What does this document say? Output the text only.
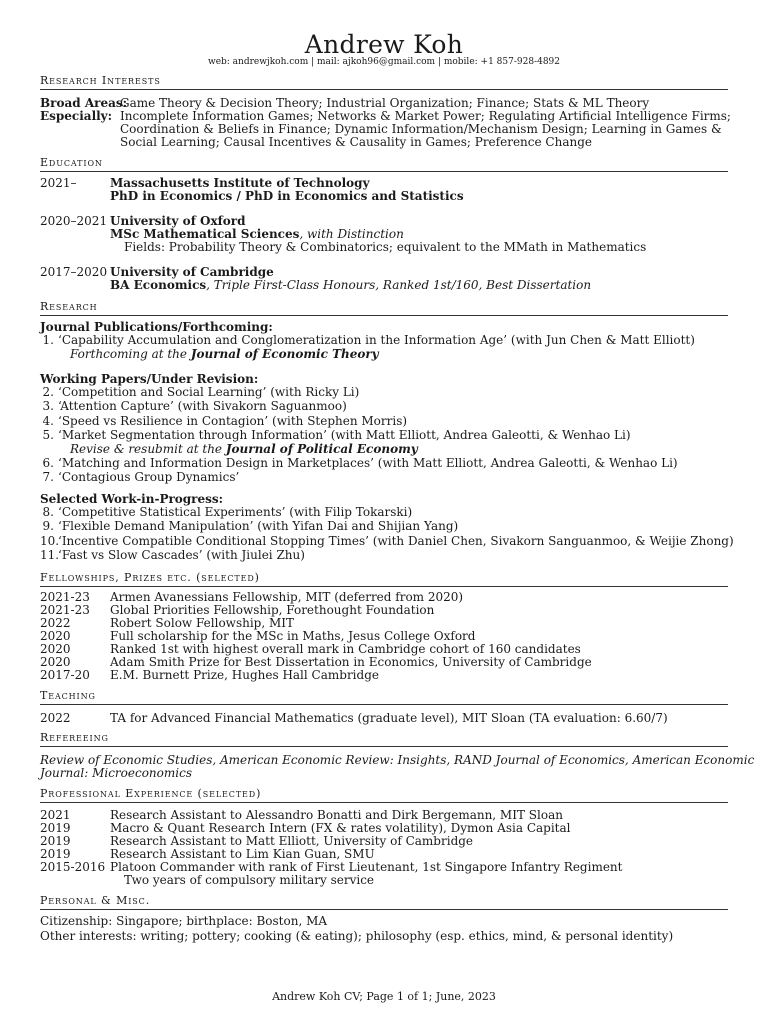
Andrew Koh
web: andrewjkoh.com | mail: ajkoh96@gmail.com | mobile: +1 857-928-4892
Research Interests
Broad Areas:
Game Theory & Decision Theory; Industrial Organization; Finance; Stats & ML Theory
Especially: Incomplete Information Games; Networks & Market Power; Regulating Artificial Intelligence Firms;
Coordination & Beliefs in Finance; Dynamic Information/Mechanism Design; Learning in Games &
Social Learning; Causal Incentives & Causality in Games; Preference Change
Education
2021–	Massachusetts Institute of Technology
PhD in Economics / PhD in Economics and Statistics
2020–2021 University of Oxford
MSc Mathematical Sciences, with Distinction
Fields: Probability Theory & Combinatorics; equivalent to the MMath in Mathematics
2017–2020 University of Cambridge
BA Economics, Triple First-Class Honours, Ranked 1st/160, Best Dissertation
Research
Journal Publications/Forthcoming:
1. ‘Capability Accumulation and Conglomeratization in the Information Age’ (with Jun Chen & Matt Elliott)
Forthcoming at the Journal of Economic Theory
Working Papers/Under Revision:
2. ‘Competition and Social Learning’ (with Ricky Li)
3. ‘Attention Capture’ (with Sivakorn Saguanmoo)
4. ‘Speed vs Resilience in Contagion’ (with Stephen Morris)
5. ‘Market Segmentation through Information’ (with Matt Elliott, Andrea Galeotti, & Wenhao Li)
Revise & resubmit at the Journal of Political Economy
6. ‘Matching and Information Design in Marketplaces’ (with Matt Elliott, Andrea Galeotti, & Wenhao Li)
7. ‘Contagious Group Dynamics’
Selected Work-in-Progress:
8. ‘Competitive Statistical Experiments’ (with Filip Tokarski)
9. ‘Flexible Demand Manipulation’ (with Yifan Dai and Shijian Yang)
10.
‘Incentive Compatible Conditional Stopping Times’ (with Daniel Chen, Sivakorn Sanguanmoo, & Weijie Zhong)
11.
‘Fast vs Slow Cascades’ (with Jiulei Zhu)
Fellowships, Prizes etc. (selected)
2021-23 Armen Avanessians Fellowship, MIT (deferred from 2020)
2021-23 Global Priorities Fellowship, Forethought Foundation
2022	Robert Solow Fellowship, MIT
2020	Full scholarship for the MSc in Maths, Jesus College Oxford
2020	Ranked 1st with highest overall mark in Cambridge cohort of 160 candidates
2020	Adam Smith Prize for Best Dissertation in Economics, University of Cambridge
2017-20 E.M. Burnett Prize, Hughes Hall Cambridge
Teaching
2022	TA for Advanced Financial Mathematics (graduate level), MIT Sloan (TA evaluation: 6.60/7)
Refereeing
Review of Economic Studies, American Economic Review: Insights, RAND Journal of Economics, American Economic
Journal: Microeconomics
Professional Experience (selected)
2021	Research Assistant to Alessandro Bonatti and Dirk Bergemann, MIT Sloan
2019	Macro & Quant Research Intern (FX & rates volatility), Dymon Asia Capital
2019	Research Assistant to Matt Elliott, University of Cambridge
2019	Research Assistant to Lim Kian Guan, SMU
2015-2016 Platoon Commander with rank of First Lieutenant, 1st Singapore Infantry Regiment
Two years of compulsory military service
Personal & Misc.
Citizenship: Singapore; birthplace: Boston, MA
Other interests: writing; pottery; cooking (& eating); philosophy (esp. ethics, mind, & personal identity)
Andrew Koh CV; Page 1 of 1; June, 2023
